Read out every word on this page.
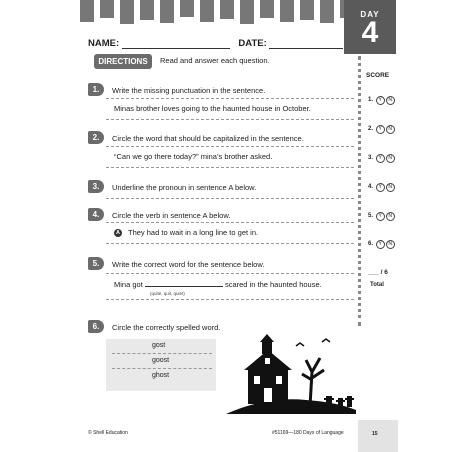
DAY
4
NAME:	DATE:
DIRECTIONS	Read and answer each question.
SCORE
1. Y N
2. Y N
3. Y N
4. Y N
5. Y N
6. Y N
___ / 6
Total
1.	Write the missing punctuation in the sentence.
Minas brother loves going to the haunted house in October.
2.	Circle the word that should be capitalized in the sentence.
“Can we go there today?” mina’s brother asked.
3.	Underline the pronoun in sentence A below.
4.	Circle the verb in sentence A below.
A They had to wait in a long line to get in.
5.	Write the correct word for the sentence below.
Mina got	scared in the haunted house.
(quite, quit, quiet)
6.	Circle the correctly spelled word.
gost
goost
ghost
© Shell Education	#51169—180 Days of Language	15
